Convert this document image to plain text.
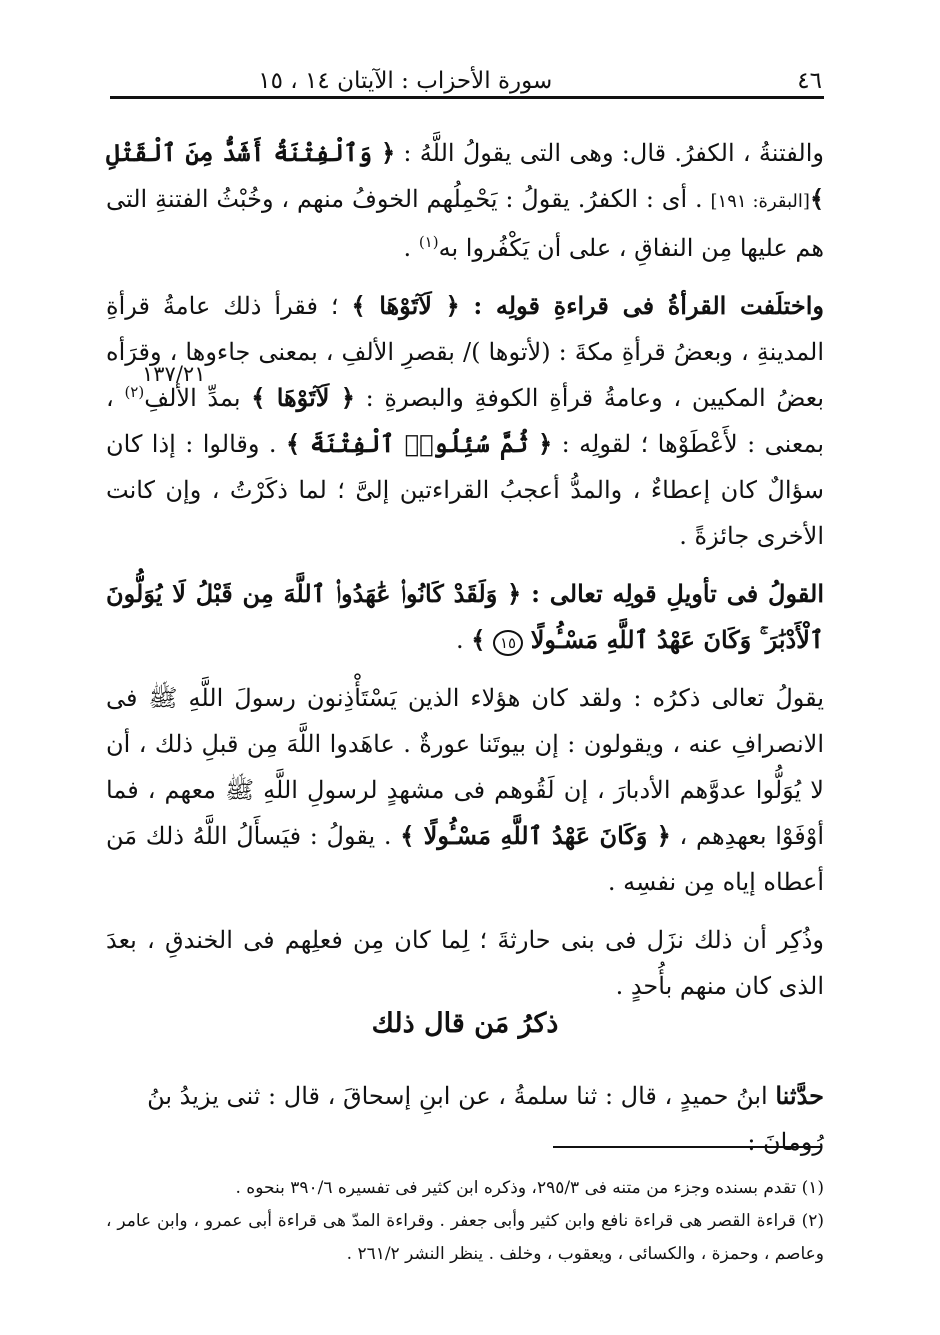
٤٦
سورة الأحزاب : الآيتان ١٤ ، ١٥
١٣٧/٢١

والفتنةُ ، الكفرُ. قال: وهى التى يقولُ اللَّهُ : ﴿ وَٱلْفِتْنَةُ أَشَدُّ مِنَ ٱلْقَتْلِ ﴾[البقرة: ١٩١] . أى : الكفرُ. يقولُ : يَحْمِلُهم الخوفُ منهم ، وخُبْثُ الفتنةِ التى هم عليها مِن النفاقِ ، على أن يَكْفُروا به$^{(١)}$ .

واختلَفت القرأةُ فى قراءةِ قولِه : ﴿ لَآتَوْهَا ﴾ ؛ فقرأ ذلك عامةُ قرأةِ المدينةِ ، وبعضُ قرأةِ مكةَ : (لأتوها )/ بقصرِ الألفِ ، بمعنى جاءوها ، وقرَأه بعضُ المكيين ، وعامةُ قرأةِ الكوفةِ والبصرةِ : ﴿ لَآتَوْهَا ﴾ بمدِّ الألفِ$^{(٢)}$ ، بمعنى : لأَعْطَوْها ؛ لقولِه : ﴿ ثُمَّ سُئِلُوا۟ ٱلْفِتْنَةَ ﴾ . وقالوا : إذا كان سؤالٌ كان إعطاءٌ ، والمدُّ أعجبُ القراءتين إلىَّ ؛ لما ذكَرْتُ ، وإن كانت الأخرى جائزةً .

القولُ فى تأويلِ قولِه تعالى : ﴿ وَلَقَدْ كَانُوا۟ عَٰهَدُوا۟ ٱللَّهَ مِن قَبْلُ لَا يُوَلُّونَ ٱلْأَدْبَٰرَ ۚ وَكَانَ عَهْدُ ٱللَّهِ مَسْـُٔولًا ١٥ ﴾ .

يقولُ تعالى ذكرُه : ولقد كان هؤلاء الذين يَسْتَأْذِنون رسولَ اللَّهِ ﷺ فى الانصرافِ عنه ، ويقولون : إن بيوتَنا عورةٌ . عاهَدوا اللَّهَ مِن قبلِ ذلك ، أن لا يُوَلُّوا عدوَّهم الأدبارَ ، إن لَقُوهم فى مشهدٍ لرسولِ اللَّهِ ﷺ معهم ، فما أوْفَوْا بعهدِهم ، ﴿ وَكَانَ عَهْدُ ٱللَّهِ مَسْـُٔولًا ﴾ . يقولُ : فيَسأَلُ اللَّهُ ذلك مَن أعطاه إياه مِن نفسِه .

وذُكِر أن ذلك نزَل فى بنى حارثةَ ؛ لِما كان مِن فعلِهم فى الخندقِ ، بعدَ الذى كان منهم بأُحدٍ .

ذكرُ مَن قال ذلك
حدَّثنا ابنُ حميدٍ ، قال : ثنا سلمةُ ، عن ابنِ إسحاقَ ، قال : ثنى يزيدُ بنُ رُومانَ :

(١) تقدم بسنده وجزء من متنه فى ٢٩٥/٣، وذكره ابن كثير فى تفسيره ٣٩٠/٦ بنحوه .

(٢) قراءة القصر هى قراءة نافع وابن كثير وأبى جعفر . وقراءة المدّ هى قراءة أبى عمرو ، وابن عامر ، وعاصم ، وحمزة ، والكسائى ، ويعقوب ، وخلف . ينظر النشر ٢٦١/٢ .
